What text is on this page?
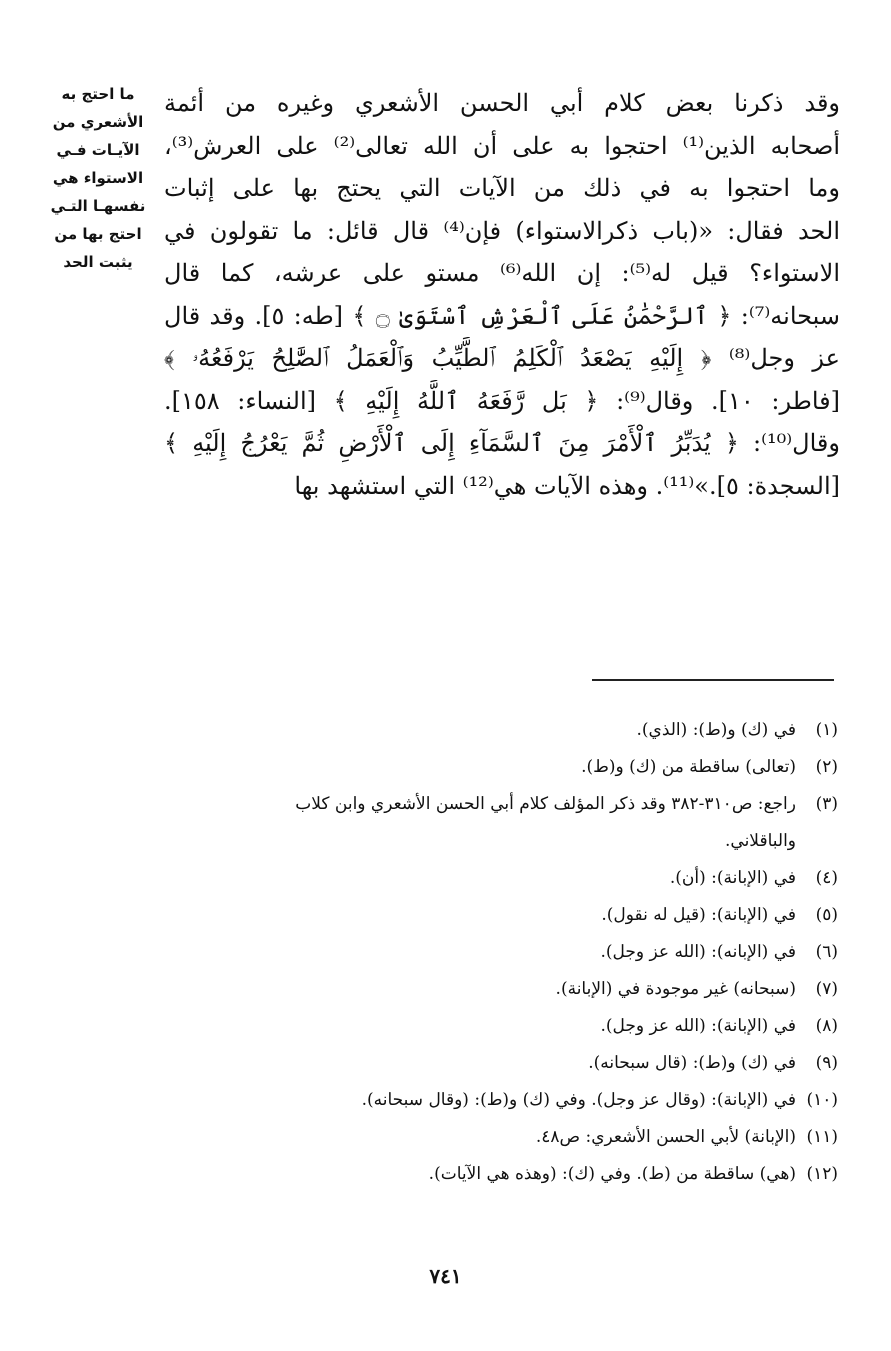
ما احتج به
الأشعري من
الآيـات فـي
الاستواء هي
نفسهـا التـي
احتج بها من
يثبت الحد
وقد ذكرنا بعض كلام أبي الحسن الأشعري وغيره من أئمة
أصحابه الذين⁽¹⁾ احتجوا به على أن الله تعالى⁽²⁾ على العرش⁽³⁾،
وما احتجوا به في ذلك من الآيات التي يحتج بها على إثبات
الحد فقال: «(باب ذكرالاستواء) فإن⁽⁴⁾ قال قائل: ما تقولون في
الاستواء؟ قيل له⁽⁵⁾: إن الله⁽⁶⁾ مستو على عرشه، كما قال
سبحانه⁽⁷⁾: ﴿ ٱلرَّحْمَٰنُ عَلَى ٱلْعَرْشِ ٱسْتَوَىٰ ۝ ﴾ [طه: ٥]. وقد قال
عز وجل⁽⁸⁾ ﴿ إِلَيْهِ يَصْعَدُ ٱلْكَلِمُ ٱلطَّيِّبُ وَٱلْعَمَلُ ٱلصَّٰلِحُ يَرْفَعُهُۥ ﴾
[فاطر: ١٠]. وقال⁽⁹⁾: ﴿ بَل رَّفَعَهُ ٱللَّهُ إِلَيْهِ ﴾ [النساء: ١٥٨].
وقال⁽¹⁰⁾: ﴿ يُدَبِّرُ ٱلْأَمْرَ مِنَ ٱلسَّمَآءِ إِلَى ٱلْأَرْضِ ثُمَّ يَعْرُجُ إِلَيْهِ ﴾
[السجدة: ٥].»⁽¹¹⁾. وهذه الآيات هي⁽¹²⁾ التي استشهد بها
(١)في (ك) و(ط): (الذي).
(٢)(تعالى) ساقطة من (ك) و(ط).
(٣)راجع: ص٣١٠-٣٨٢ وقد ذكر المؤلف كلام أبي الحسن الأشعري وابن كلاب
والباقلاني.
(٤)في (الإبانة): (أن).
(٥)في (الإبانة): (قيل له نقول).
(٦)في (الإبانه): (الله عز وجل).
(٧)(سبحانه) غير موجودة في (الإبانة).
(٨)في (الإبانة): (الله عز وجل).
(٩)في (ك) و(ط): (قال سبحانه).
(١٠)في (الإبانة): (وقال عز وجل). وفي (ك) و(ط): (وقال سبحانه).
(١١)(الإبانة) لأبي الحسن الأشعري: ص٤٨.
(١٢)(هي) ساقطة من (ط). وفي (ك): (وهذه هي الآيات).
٧٤١
